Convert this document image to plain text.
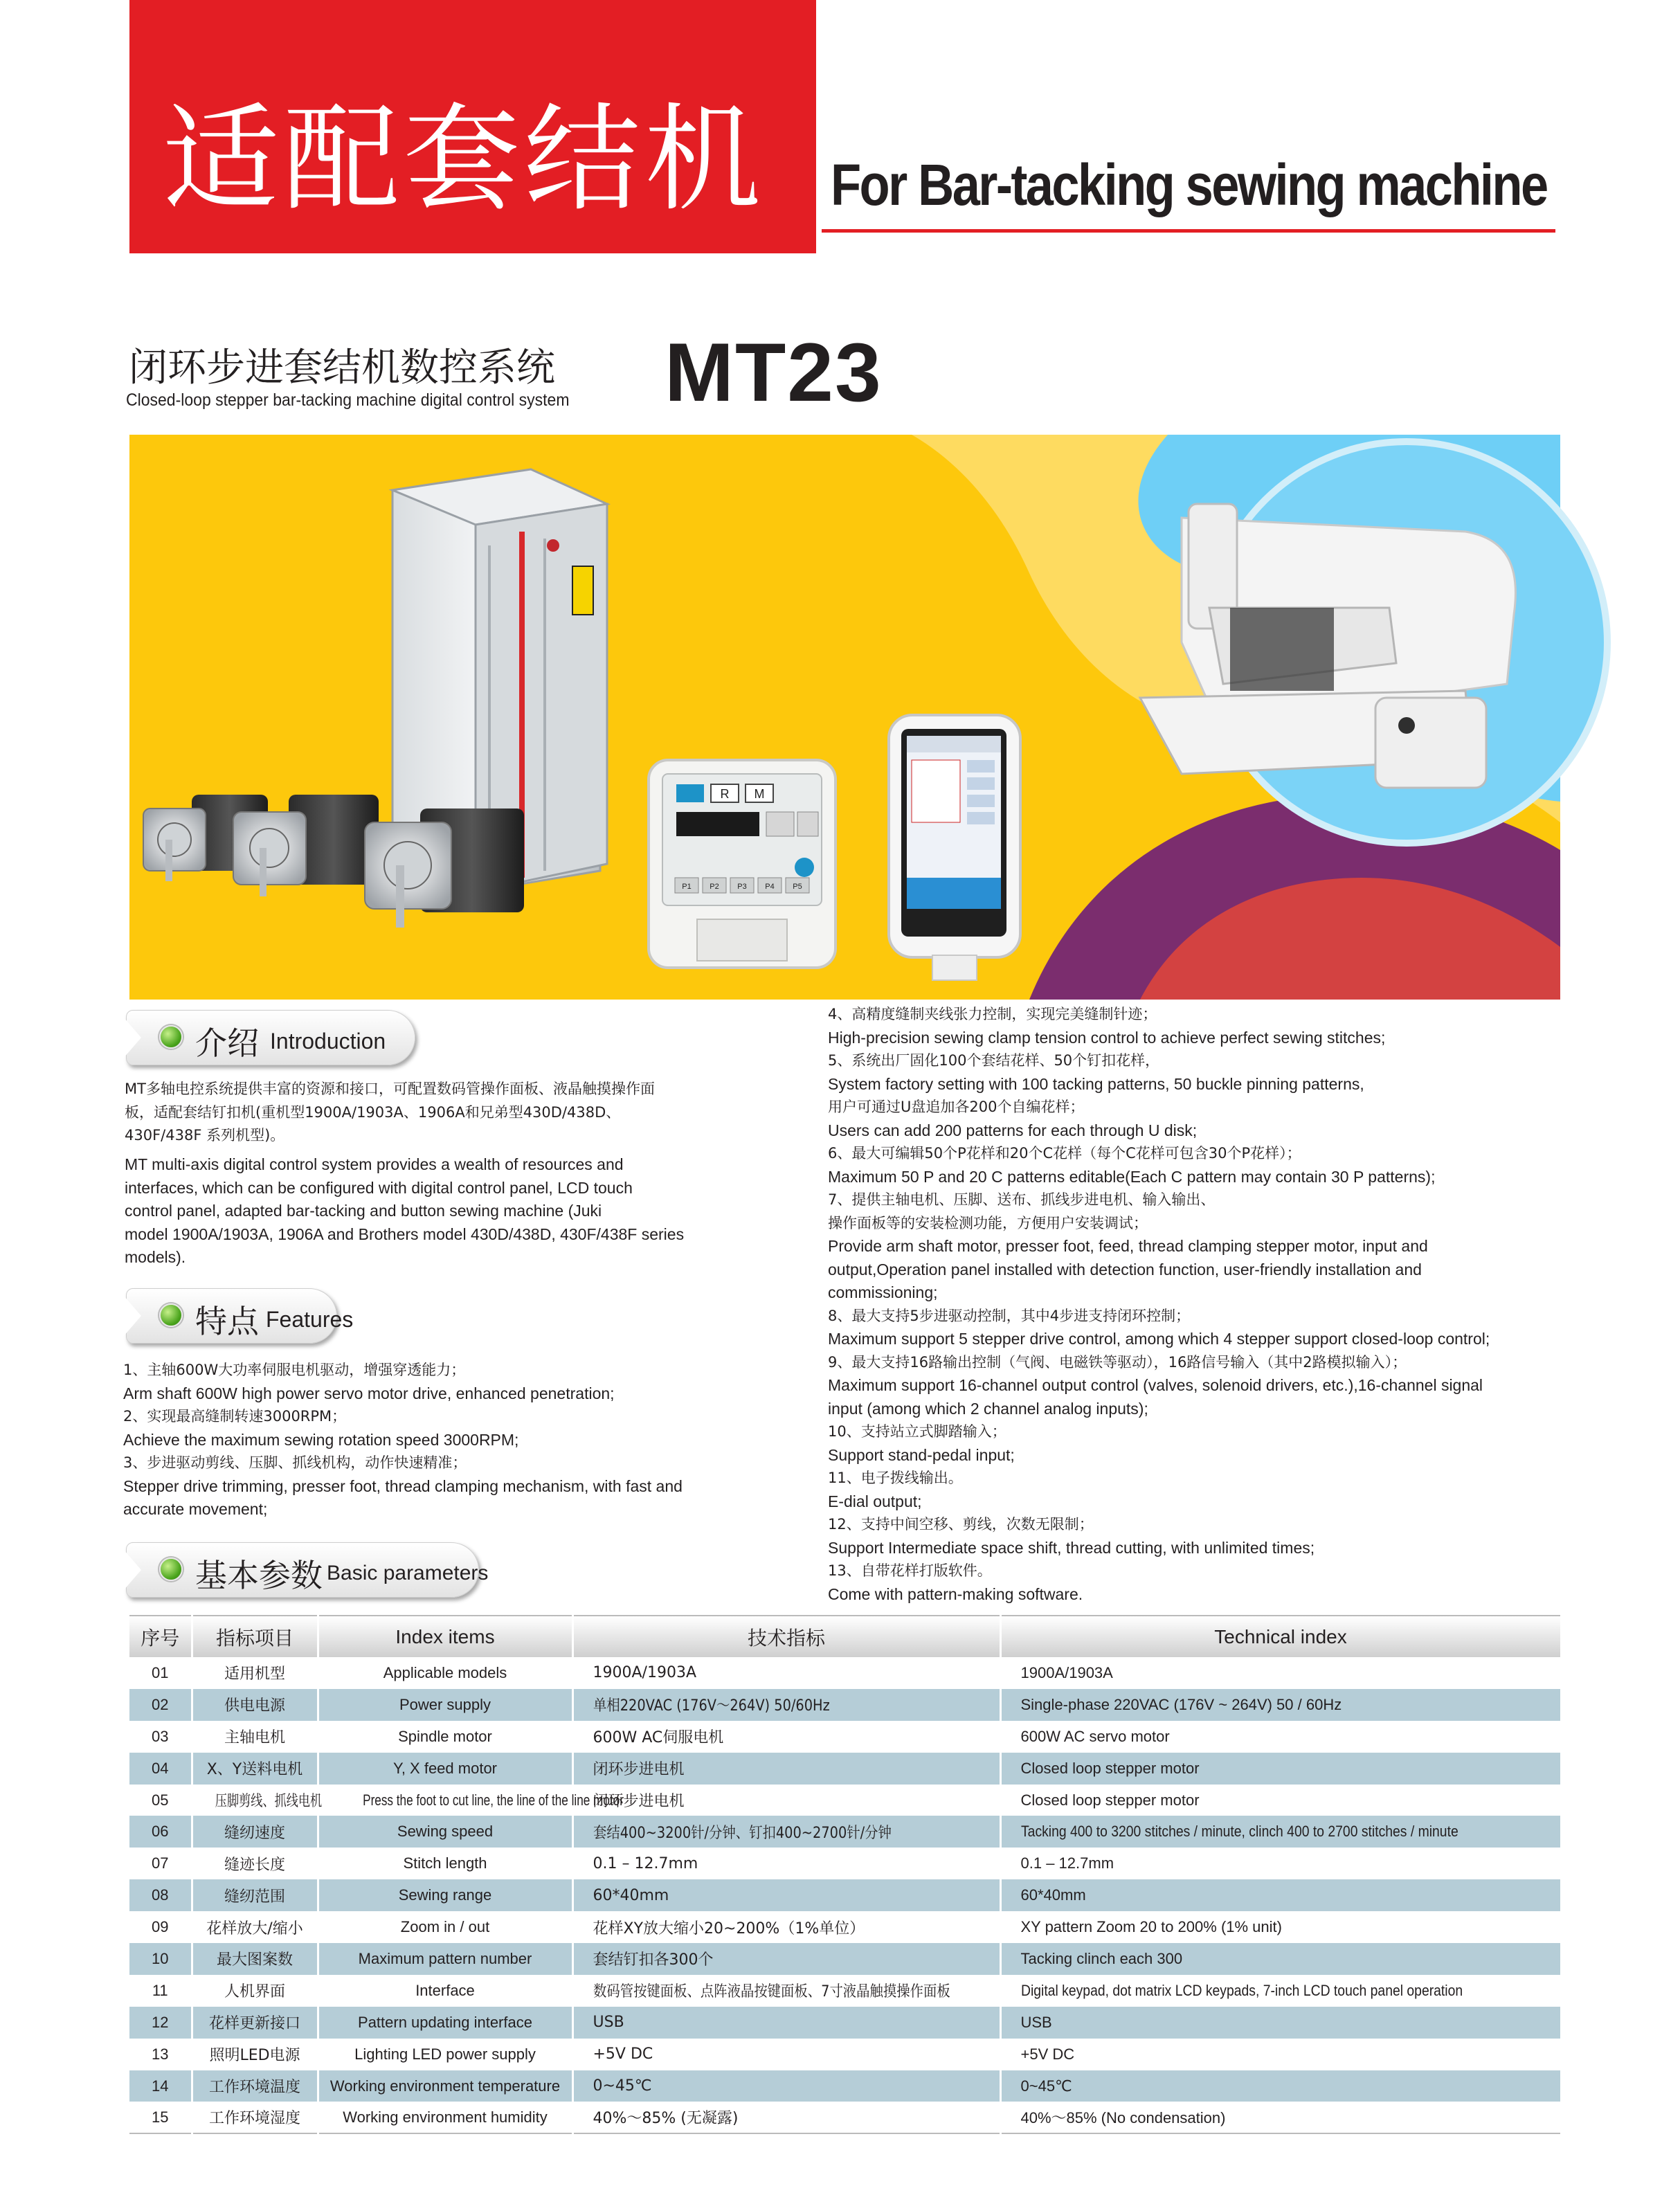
适配套结机 For Bar-tacking sewing machine
闭环步进套结机数控系统
Closed-loop stepper bar-tacking machine digital control system MT23
R M
P1 P2 P3 P4 P5
介绍 Introduction
MT多轴电控系统提供丰富的资源和接口，可配置数码管操作面板、液晶触摸操作面
板，适配套结钉扣机(重机型1900A/1903A、1906A和兄弟型430D/438D、
430F/438F 系列机型)。
MT multi-axis digital control system provides a wealth of resources and
interfaces, which can be configured with digital control panel, LCD touch
control panel, adapted bar-tacking and button sewing machine (Juki
model 1900A/1903A, 1906A and Brothers model 430D/438D, 430F/438F series
models).
特点 Features
1、主轴600W大功率伺服电机驱动，增强穿透能力；
Arm shaft 600W high power servo motor drive, enhanced penetration;
2、实现最高缝制转速3000RPM；
Achieve the maximum sewing rotation speed 3000RPM;
3、步进驱动剪线、压脚、抓线机构，动作快速精准；
Stepper drive trimming, presser foot, thread clamping mechanism, with fast and
accurate movement;
4、高精度缝制夹线张力控制，实现完美缝制针迹；
High-precision sewing clamp tension control to achieve perfect sewing stitches;
5、系统出厂固化100个套结花样、50个钉扣花样，
System factory setting with 100 tacking patterns, 50 buckle pinning patterns,
用户可通过U盘追加各200个自编花样；
Users can add 200 patterns for each through U disk;
6、最大可编辑50个P花样和20个C花样（每个C花样可包含30个P花样）；
Maximum 50 P and 20 C patterns editable(Each C pattern may contain 30 P patterns);
7、提供主轴电机、压脚、送布、抓线步进电机、输入输出、
操作面板等的安装检测功能，方便用户安装调试；
Provide arm shaft motor, presser foot, feed, thread clamping stepper motor, input and
output,Operation panel installed with detection function, user-friendly installation and
commissioning;
8、最大支持5步进驱动控制，其中4步进支持闭环控制；
Maximum support 5 stepper drive control, among which 4 stepper support closed-loop control;
9、最大支持16路输出控制（气阀、电磁铁等驱动），16路信号输入（其中2路模拟输入）；
Maximum support 16-channel output control (valves, solenoid drivers, etc.),16-channel signal
input (among which 2 channel analog inputs);
10、支持站立式脚踏输入；
Support stand-pedal input;
11、电子拨线输出。
E-dial output;
12、支持中间空移、剪线，次数无限制；
Support Intermediate space shift, thread cutting, with unlimited times;
13、自带花样打版软件。
Come with pattern-making software.
基本参数 Basic parameters
序号	指标项目	Index items	技术指标	Technical index
01	适用机型	Applicable models	1900A/1903A	1900A/1903A
02	供电电源	Power supply	单相220VAC (176V～264V) 50/60Hz	Single-phase 220VAC (176V ~ 264V) 50 / 60Hz
03	主轴电机	Spindle motor	600W AC伺服电机	600W AC servo motor
04	X、Y送料电机	Y, X feed motor	闭环步进电机	Closed loop stepper motor
05	压脚剪线、抓线电机	Press the foot to cut line, the line of the line motor	闭环步进电机	Closed loop stepper motor
06	缝纫速度	Sewing speed	套结400~3200针/分钟、钉扣400~2700针/分钟	Tacking 400 to 3200 stitches / minute, clinch 400 to 2700 stitches / minute
07	缝迹长度	Stitch length	0.1 – 12.7mm	0.1 – 12.7mm
08	缝纫范围	Sewing range	60*40mm	60*40mm
09	花样放大/缩小	Zoom in / out	花样XY放大缩小20~200%（1%单位）	XY pattern Zoom 20 to 200% (1% unit)
10	最大图案数	Maximum pattern number	套结钉扣各300个	Tacking clinch each 300
11	人机界面	Interface	数码管按键面板、点阵液晶按键面板、7寸液晶触摸操作面板	Digital keypad, dot matrix LCD keypads, 7-inch LCD touch panel operation
12	花样更新接口	Pattern updating interface	USB	USB
13	照明LED电源	Lighting LED power supply	+5V DC	+5V DC
14	工作环境温度	Working environment temperature	0~45℃	0~45℃
15	工作环境湿度	Working environment humidity	40%～85% (无凝露)	40%～85% (No condensation)
